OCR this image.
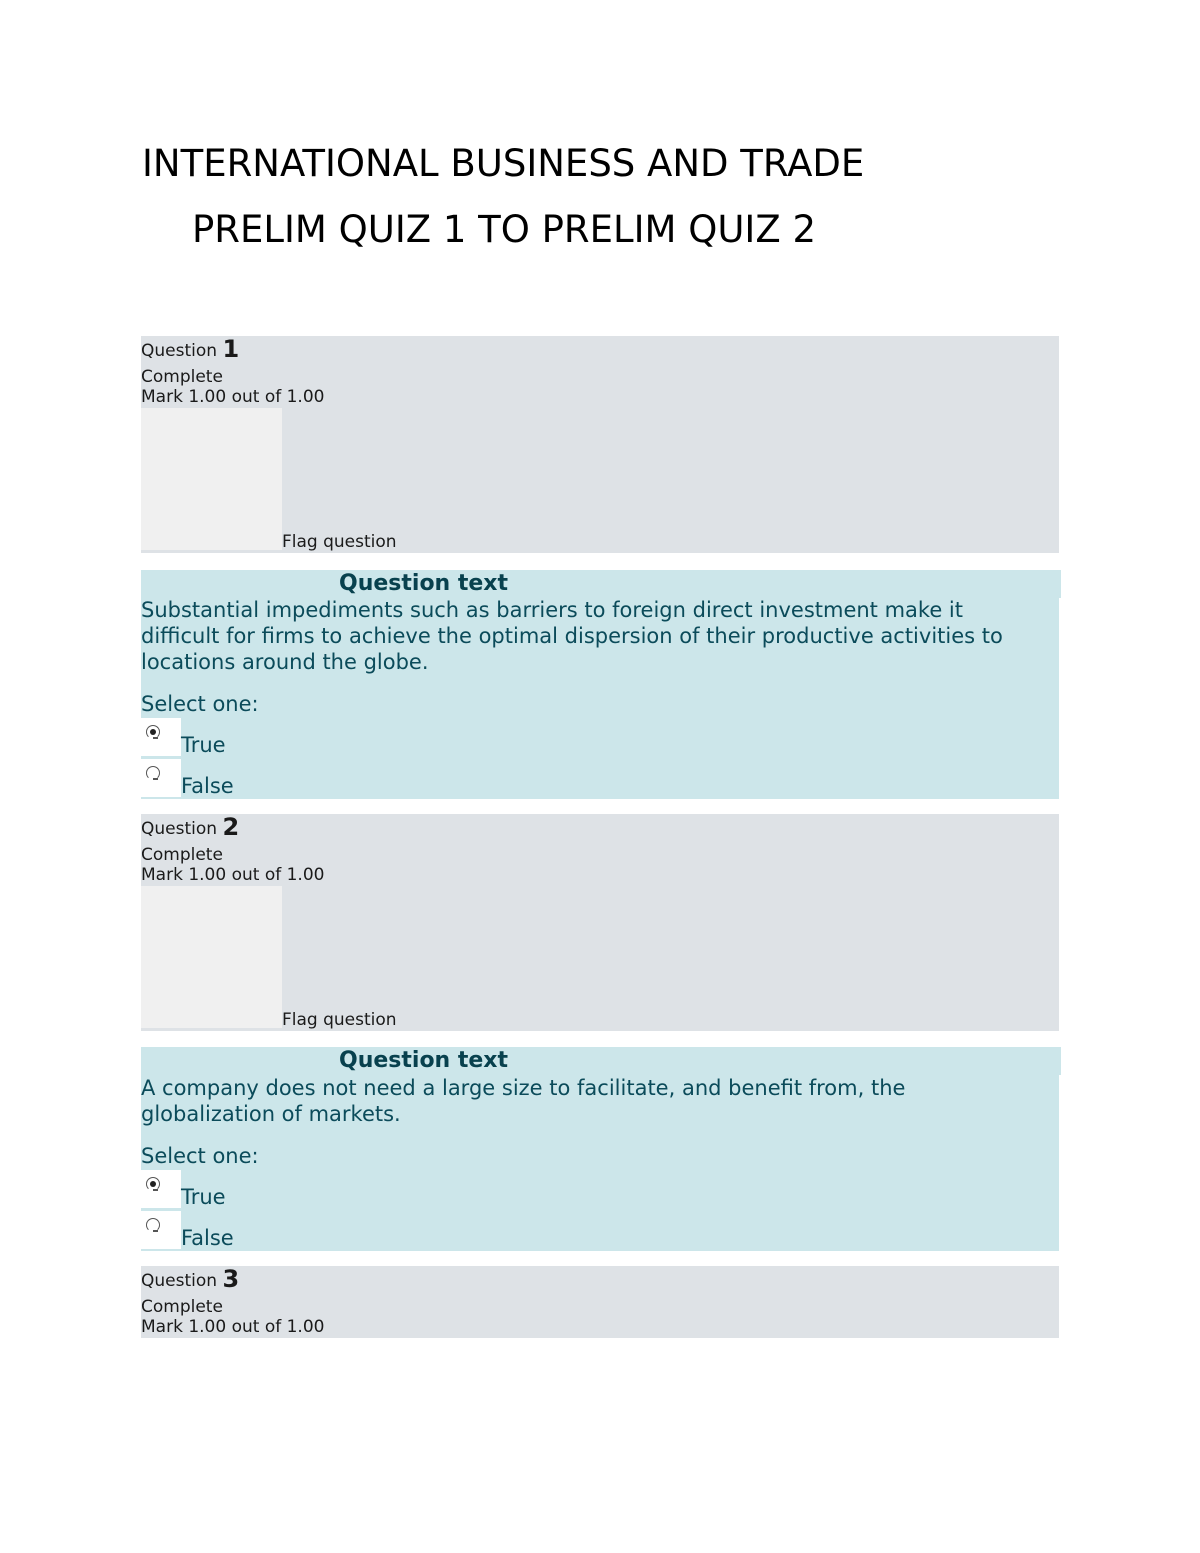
INTERNATIONAL BUSINESS AND TRADE
PRELIM QUIZ 1 TO PRELIM QUIZ 2
Question 1
Complete
Mark 1.00 out of 1.00
Flag question
Question text
Substantial impediments such as barriers to foreign direct investment make it difficult for firms to achieve the optimal dispersion of their productive activities to locations around the globe.
Select one:
True
False
Question 2
Complete
Mark 1.00 out of 1.00
Flag question
Question text
A company does not need a large size to facilitate, and benefit from, the globalization of markets.
Select one:
True
False
Question 3
Complete
Mark 1.00 out of 1.00
